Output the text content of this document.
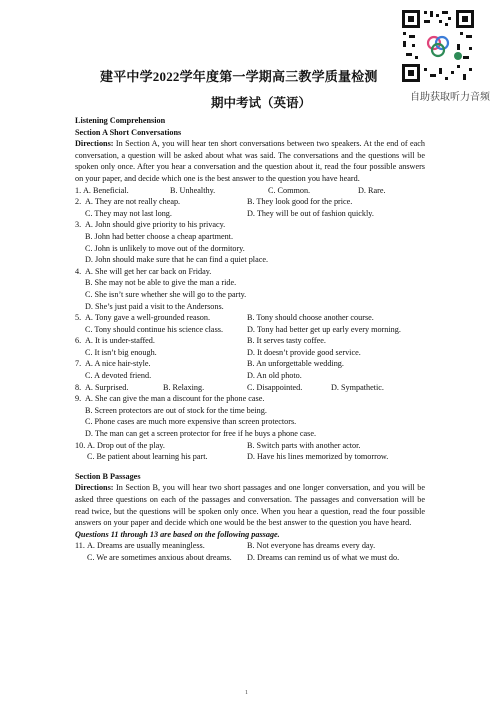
自助获取听力音频
建平中学2022学年度第一学期高三教学质量检测
期中考试（英语）

Listening Comprehension

Section A Short Conversations

Directions: In Section A, you will hear ten short conversations between two speakers. At the end of each conversation, a question will be asked about what was said. The conversations and the questions will be spoken only once. After you hear a conversation and the question about it, read the four possible answers on your paper, and decide which one is the best answer to the question you have heard.

1. A. Beneficial.	B. Unhealthy.	C. Common.	D. Rare.
2. A. They are not really cheap.	B. They look good for the price.
C. They may not last long.	D. They will be out of fashion quickly.
3. A. John should give priority to his privacy.
B. John had better choose a cheap apartment.
C. John is unlikely to move out of the dormitory.
D. John should make sure that he can find a quiet place.
4. A. She will get her car back on Friday.
B. She may not be able to give the man a ride.
C. She isn’t sure whether she will go to the party.
D. She’s just paid a visit to the Andersons.
5. A. Tony gave a well-grounded reason.	B. Tony should choose another course.
C. Tony should continue his science class.	D. Tony had better get up early every morning.
6. A. It is under-staffed.	B. It serves tasty coffee.
C. It isn’t big enough.	D. It doesn’t provide good service.
7. A. A nice hair-style.	B. An unforgettable wedding.
C. A devoted friend.	D. An old photo.
8. A. Surprised.	B. Relaxing.	C. Disappointed.	D. Sympathetic.
9. A. She can give the man a discount for the phone case.
B. Screen protectors are out of stock for the time being.
C. Phone cases are much more expensive than screen protectors.
D. The man can get a screen protector for free if he buys a phone case.
10. A. Drop out of the play.	B. Switch parts with another actor.
C. Be patient about learning his part.	D. Have his lines memorized by tomorrow.

Section B Passages

Directions: In Section B, you will hear two short passages and one longer conversation, and you will be asked three questions on each of the passages and conversation. The passages and conversation will be read twice, but the questions will be spoken only once. When you hear a question, read the four possible answers on your paper and decide which one would be the best answer to the question you have heard.

Questions 11 through 13 are based on the following passage.

11. A. Dreams are usually meaningless.	B. Not everyone has dreams every day.
C. We are sometimes anxious about dreams. D. Dreams can remind us of what we must do.
1
